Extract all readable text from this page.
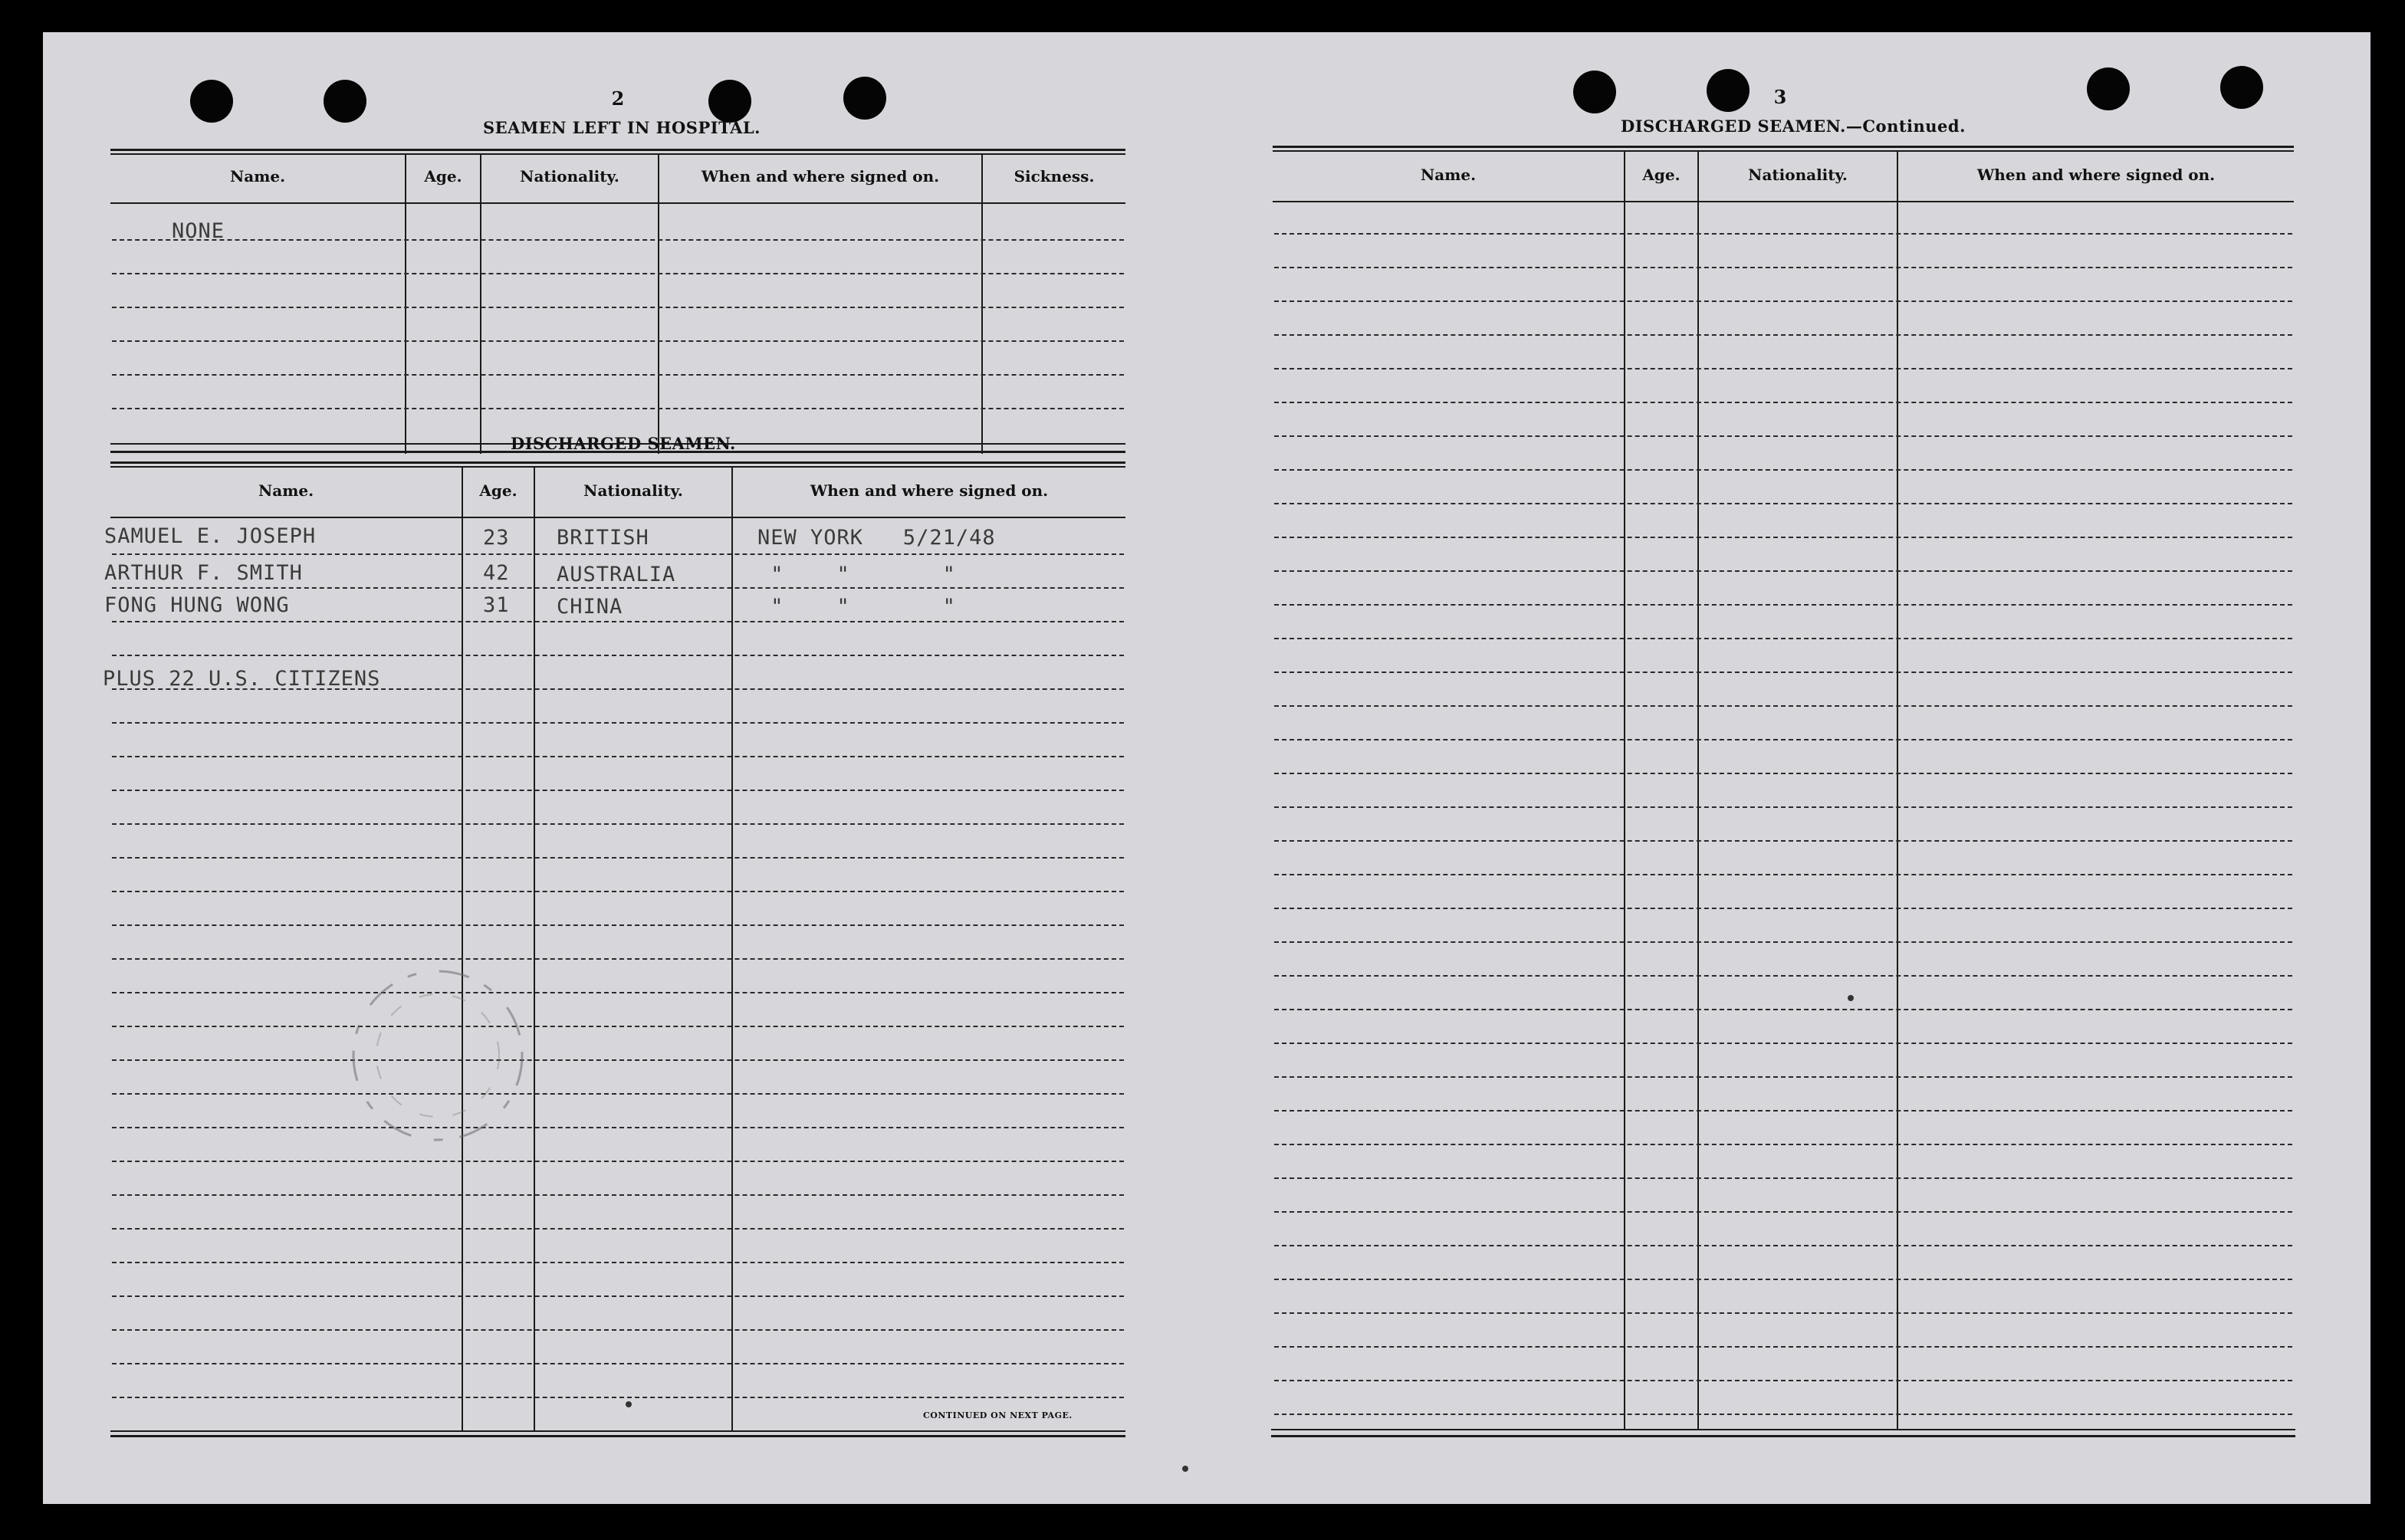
2
SEAMEN LEFT IN HOSPITAL.
Name.	Age.	Nationality.	When and where signed on.	Sickness.
NONE
DISCHARGED SEAMEN.
Name.	Age.	Nationality.	When and where signed on.
SAMUEL E. JOSEPH	23 BRITISH	NEW YORK   5/21/48
ARTHUR F. SMITH	42 AUSTRALIA	"    "       "
FONG HUNG WONG	31 CHINA	"    "       "
PLUS 22 U.S. CITIZENS
CONTINUED ON NEXT PAGE.
3
DISCHARGED SEAMEN.—Continued.
Name.	Age.	Nationality.	When and where signed on.
